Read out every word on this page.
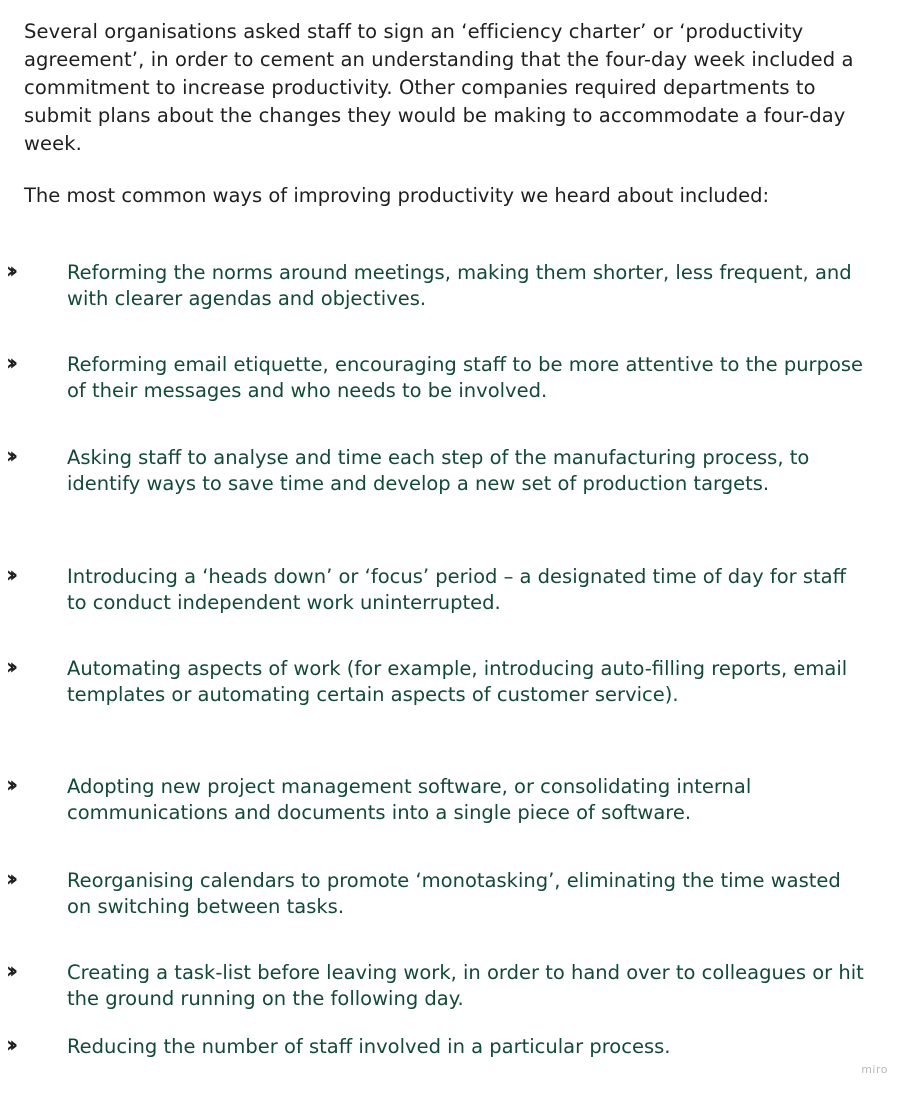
Several organisations asked staff to sign an ‘efficiency charter’ or ‘productivity agreement’, in order to cement an understanding that the four-day week included a commitment to increase productivity. Other companies required departments to submit plans about the changes they would be making to accommodate a four-day week.

The most common ways of improving productivity we heard about included:

››	Reforming the norms around meetings, making them shorter, less frequent, and with clearer agendas and objectives.
››	Reforming email etiquette, encouraging staff to be more attentive to the purpose of their messages and who needs to be involved.
››	Asking staff to analyse and time each step of the manufacturing process, to identify ways to save time and develop a new set of production targets.
››	Introducing a ‘heads down’ or ‘focus’ period – a designated time of day for staff to conduct independent work uninterrupted.
››	Automating aspects of work (for example, introducing auto-filling reports, email templates or automating certain aspects of customer service).
››	Adopting new project management software, or consolidating internal communications and documents into a single piece of software.
››	Reorganising calendars to promote ‘monotasking’, eliminating the time wasted on switching between tasks.
››	Creating a task-list before leaving work, in order to hand over to colleagues or hit the ground running on the following day.
››	Reducing the number of staff involved in a particular process.
miro
